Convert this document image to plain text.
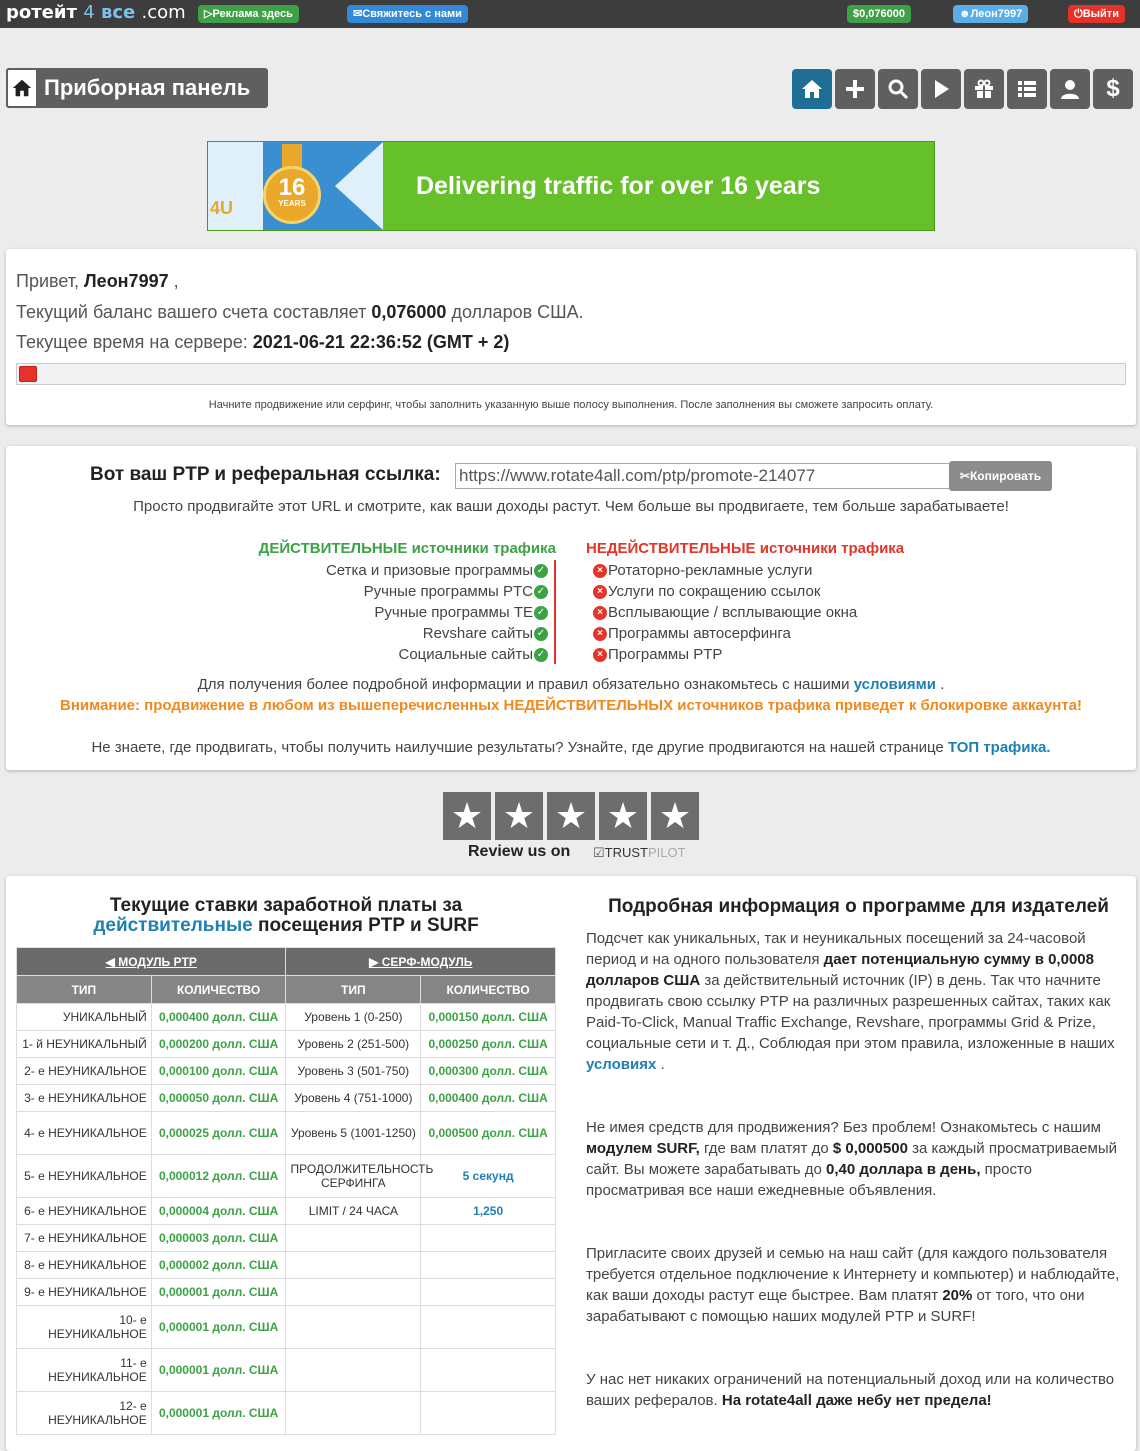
ротейт 4 все .com	▷Реклама здесь	✉Свяжитесь с нами	$0,076000	☻Леон7997	⏻Выйти
Приборная панель	$
16
YEARS
4U
Delivering traffic for over 16 years
Привет, Леон7997 ,
Текущий баланс вашего счета составляет 0,076000 долларов США.
Текущее время на сервере: 2021-06-21 22:36:52 (GMT + 2)
Начните продвижение или серфинг, чтобы заполнить указанную выше полосу выполнения. После заполнения вы сможете запросить оплату.
Вот ваш PTP и реферальная ссылка: https://www.rotate4all.com/ptp/promote-214077	✂Копировать
Просто продвигайте этот URL и смотрите, как ваши доходы растут. Чем больше вы продвигаете, тем больше зарабатываете!
ДЕЙСТВИТЕЛЬНЫЕ источники трафика НЕДЕЙСТВИТЕЛЬНЫЕ источники трафика
Сетка и призовые программы ✓
Ручные программы PTC ✓
Ручные программы TE ✓
Revshare сайты ✓
Социальные сайты ✓
× Ротаторно-рекламные услуги
× Услуги по сокращению ссылок
× Всплывающие / всплывающие окна
× Программы автосерфинга
× Программы PTP
Для получения более подробной информации и правил обязательно ознакомьтесь с нашими условиями .
Внимание: продвижение в любом из вышеперечисленных НЕДЕЙСТВИТЕЛЬНЫХ источников трафика приведет к блокировке аккаунта!
Не знаете, где продвигать, чтобы получить наилучшие результаты? Узнайте, где другие продвигаются на нашей странице ТОП трафика.
★ ★ ★ ★ ★
Review us on ☑TRUSTPILOT
Текущие ставки заработной платы за
действительные посещения PTP и SURF
◀ МОДУЛЬ PTP		▶ СЕРФ-МОДУЛЬ	
ТИП	КОЛИЧЕСТВО	ТИП	КОЛИЧЕСТВО
УНИКАЛЬНЫЙ	0,000400 долл. США	Уровень 1 (0-250)	0,000150 долл. США
1- й НЕУНИКАЛЬНЫЙ	0,000200 долл. США	Уровень 2 (251-500)	0,000250 долл. США
2- е НЕУНИКАЛЬНОЕ	0,000100 долл. США	Уровень 3 (501-750)	0,000300 долл. США
3- е НЕУНИКАЛЬНОЕ	0,000050 долл. США	Уровень 4 (751-1000)	0,000400 долл. США
4- е НЕУНИКАЛЬНОЕ	0,000025 долл. США	Уровень 5 (1001-1250)	0,000500 долл. США
5- е НЕУНИКАЛЬНОЕ	0,000012 долл. США	ПРОДОЛЖИТЕЛЬНОСТЬ СЕРФИНГА	5 секунд
6- е НЕУНИКАЛЬНОЕ	0,000004 долл. США	LIMIT / 24 ЧАСА	1,250
7- е НЕУНИКАЛЬНОЕ	0,000003 долл. США		
8- е НЕУНИКАЛЬНОЕ	0,000002 долл. США		
9- е НЕУНИКАЛЬНОЕ	0,000001 долл. США		
10- е НЕУНИКАЛЬНОЕ	0,000001 долл. США		
11- е НЕУНИКАЛЬНОЕ	0,000001 долл. США		
12- е НЕУНИКАЛЬНОЕ	0,000001 долл. США		
Подробная информация о программе для издателей

Подсчет как уникальных, так и неуникальных посещений за 24-часовой период и на одного пользователя дает потенциальную сумму в 0,0008 долларов США за действительный источник (IP) в день. Так что начните продвигать свою ссылку PTP на различных разрешенных сайтах, таких как Paid-To-Click, Manual Traffic Exchange, Revshare, программы Grid & Prize, социальные сети и т. Д., Соблюдая при этом правила, изложенные в наших условиях .

Не имея средств для продвижения? Без проблем! Ознакомьтесь с нашим модулем SURF, где вам платят до $ 0,000500 за каждый просматриваемый сайт. Вы можете зарабатывать до 0,40 доллара в день, просто просматривая все наши ежедневные объявления.

Пригласите своих друзей и семью на наш сайт (для каждого пользователя требуется отдельное подключение к Интернету и компьютер) и наблюдайте, как ваши доходы растут еще быстрее. Вам платят 20% от того, что они зарабатывают с помощью наших модулей PTP и SURF!

У нас нет никаких ограничений на потенциальный доход или на количество ваших рефералов. На rotate4all даже небу нет предела!
